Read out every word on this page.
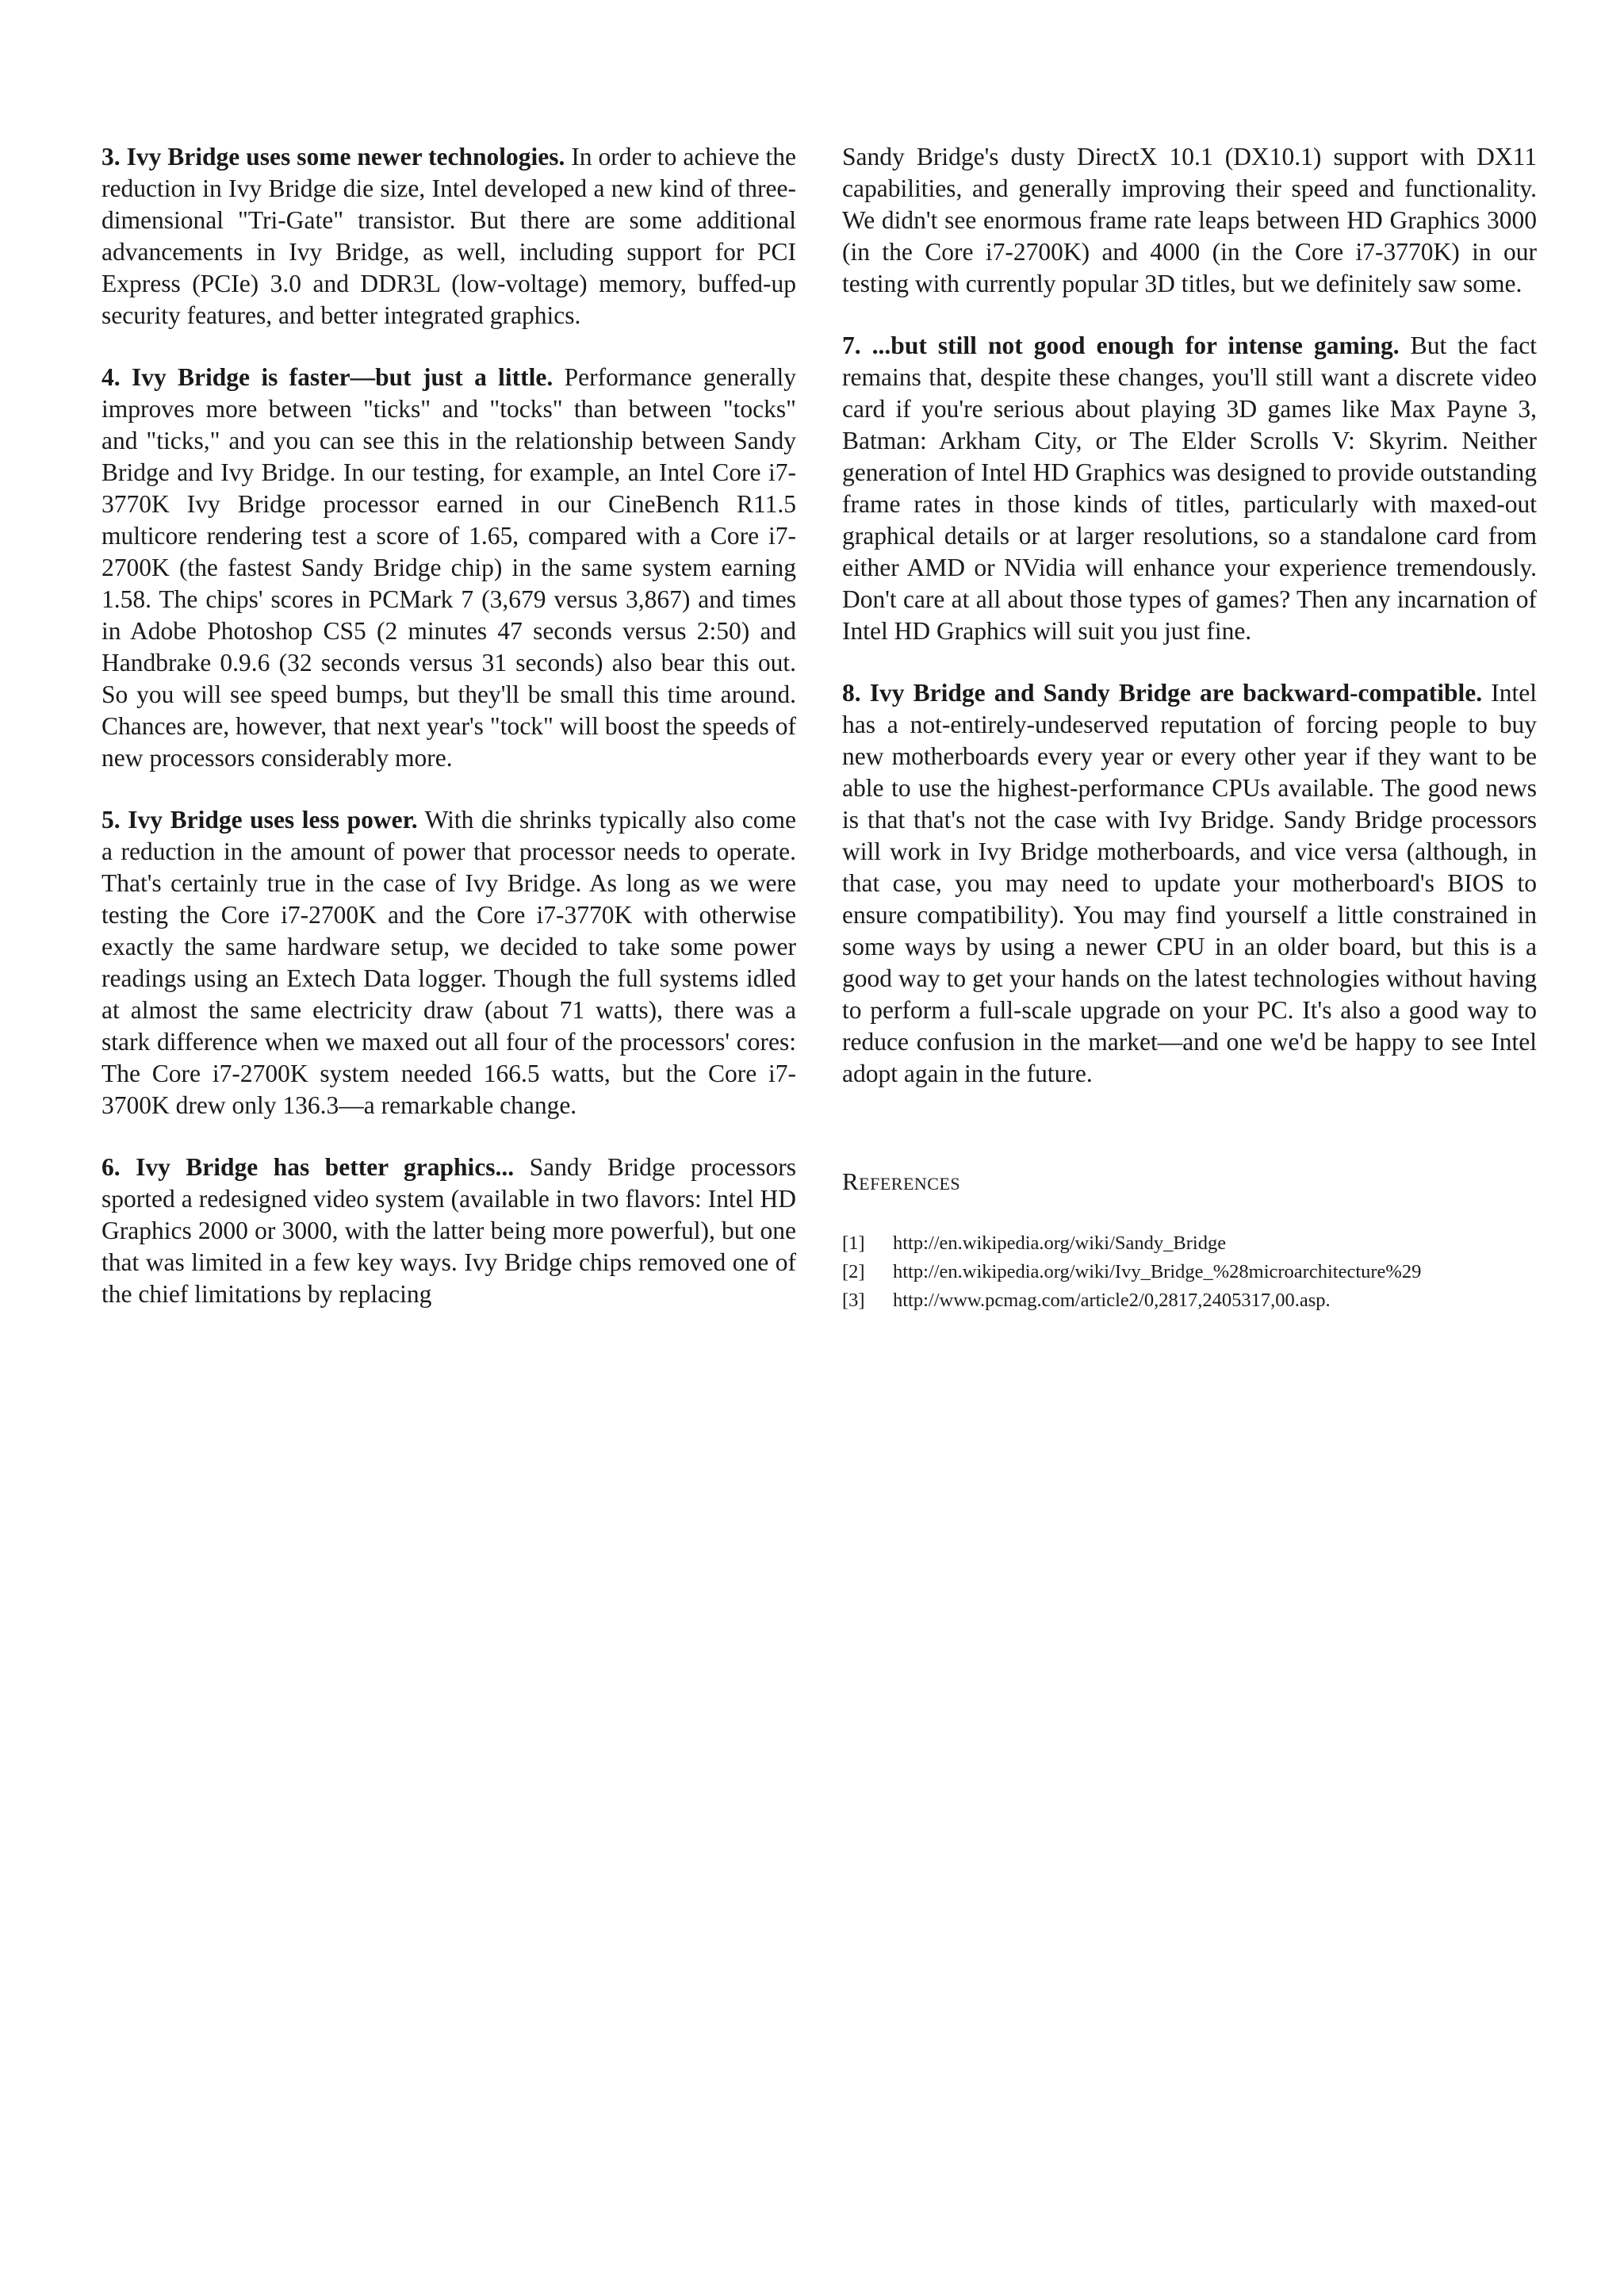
3. Ivy Bridge uses some newer technologies. In order to achieve the reduction in Ivy Bridge die size, Intel developed a new kind of three-dimensional "Tri-Gate" transistor. But there are some additional advancements in Ivy Bridge, as well, including support for PCI Express (PCIe) 3.0 and DDR3L (low-voltage) memory, buffed-up security features, and better integrated graphics.

4. Ivy Bridge is faster—but just a little. Performance generally improves more between "ticks" and "tocks" than between "tocks" and "ticks," and you can see this in the relationship between Sandy Bridge and Ivy Bridge. In our testing, for example, an Intel Core i7-3770K Ivy Bridge processor earned in our CineBench R11.5 multicore rendering test a score of 1.65, compared with a Core i7-2700K (the fastest Sandy Bridge chip) in the same system earning 1.58. The chips' scores in PCMark 7 (3,679 versus 3,867) and times in Adobe Photoshop CS5 (2 minutes 47 seconds versus 2:50) and Handbrake 0.9.6 (32 seconds versus 31 seconds) also bear this out. So you will see speed bumps, but they'll be small this time around. Chances are, however, that next year's "tock" will boost the speeds of new processors considerably more.

5. Ivy Bridge uses less power. With die shrinks typically also come a reduction in the amount of power that processor needs to operate. That's certainly true in the case of Ivy Bridge. As long as we were testing the Core i7-2700K and the Core i7-3770K with otherwise exactly the same hardware setup, we decided to take some power readings using an Extech Data logger. Though the full systems idled at almost the same electricity draw (about 71 watts), there was a stark difference when we maxed out all four of the processors' cores: The Core i7-2700K system needed 166.5 watts, but the Core i7-3700K drew only 136.3—a remarkable change.

6. Ivy Bridge has better graphics... Sandy Bridge processors sported a redesigned video system (available in two flavors: Intel HD Graphics 2000 or 3000, with the latter being more powerful), but one that was limited in a few key ways. Ivy Bridge chips removed one of the chief limitations by replacing

Sandy Bridge's dusty DirectX 10.1 (DX10.1) support with DX11 capabilities, and generally improving their speed and functionality. We didn't see enormous frame rate leaps between HD Graphics 3000 (in the Core i7-2700K) and 4000 (in the Core i7-3770K) in our testing with currently popular 3D titles, but we definitely saw some.

7. ...but still not good enough for intense gaming. But the fact remains that, despite these changes, you'll still want a discrete video card if you're serious about playing 3D games like Max Payne 3, Batman: Arkham City, or The Elder Scrolls V: Skyrim. Neither generation of Intel HD Graphics was designed to provide outstanding frame rates in those kinds of titles, particularly with maxed-out graphical details or at larger resolutions, so a standalone card from either AMD or NVidia will enhance your experience tremendously. Don't care at all about those types of games? Then any incarnation of Intel HD Graphics will suit you just fine.

8. Ivy Bridge and Sandy Bridge are backward-compatible. Intel has a not-entirely-undeserved reputation of forcing people to buy new motherboards every year or every other year if they want to be able to use the highest-performance CPUs available. The good news is that that's not the case with Ivy Bridge. Sandy Bridge processors will work in Ivy Bridge motherboards, and vice versa (although, in that case, you may need to update your motherboard's BIOS to ensure compatibility). You may find yourself a little constrained in some ways by using a newer CPU in an older board, but this is a good way to get your hands on the latest technologies without having to perform a full-scale upgrade on your PC. It's also a good way to reduce confusion in the market—and one we'd be happy to see Intel adopt again in the future.

References
[1]	http://en.wikipedia.org/wiki/Sandy_Bridge
[2]	http://en.wikipedia.org/wiki/Ivy_Bridge_%28microarchitecture%29
[3]	http://www.pcmag.com/article2/0,2817,2405317,00.asp.
